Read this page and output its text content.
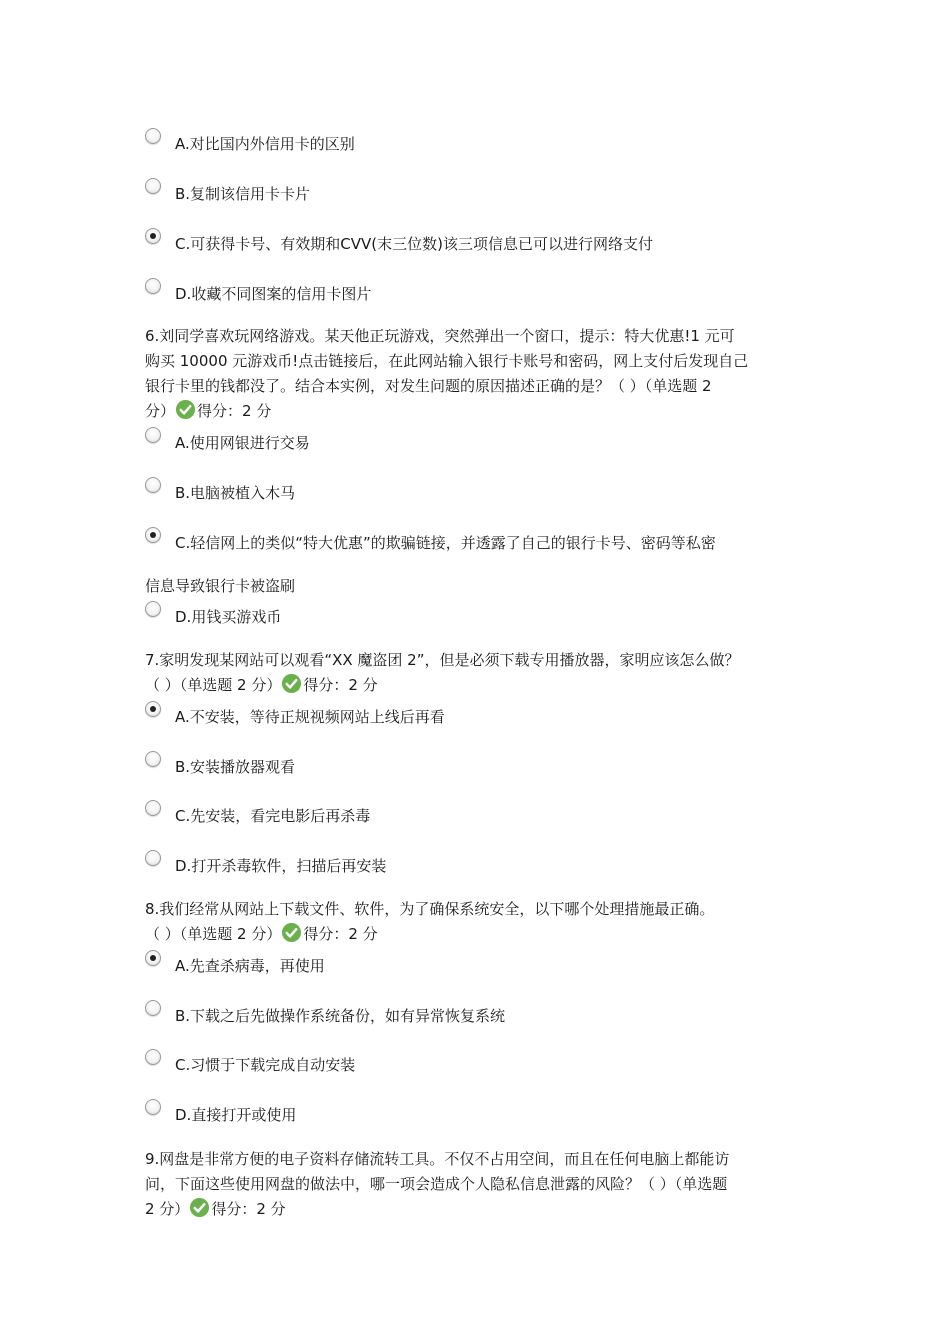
A.对比国内外信用卡的区别
B.复制该信用卡卡片
C.可获得卡号、有效期和CVV(末三位数)该三项信息已可以进行网络支付
D.收藏不同图案的信用卡图片
6.刘同学喜欢玩网络游戏。某天他正玩游戏，突然弹出一个窗口，提示：特大优惠!1 元可
购买 10000 元游戏币!点击链接后，在此网站输入银行卡账号和密码，网上支付后发现自己
银行卡里的钱都没了。结合本实例，对发生问题的原因描述正确的是？（ ）（单选题 2
分） 得分：2 分
A.使用网银进行交易
B.电脑被植入木马
C.轻信网上的类似“特大优惠”的欺骗链接，并透露了自己的银行卡号、密码等私密
信息导致银行卡被盗刷
D.用钱买游戏币
7.家明发现某网站可以观看“XX 魔盗团 2”，但是必须下载专用播放器，家明应该怎么做？
（ ）（单选题 2 分） 得分：2 分
A.不安装，等待正规视频网站上线后再看
B.安装播放器观看
C.先安装，看完电影后再杀毒
D.打开杀毒软件，扫描后再安装
8.我们经常从网站上下载文件、软件，为了确保系统安全，以下哪个处理措施最正确。
（ ）（单选题 2 分） 得分：2 分
A.先查杀病毒，再使用
B.下载之后先做操作系统备份，如有异常恢复系统
C.习惯于下载完成自动安装
D.直接打开或使用
9.网盘是非常方便的电子资料存储流转工具。不仅不占用空间，而且在任何电脑上都能访
问，下面这些使用网盘的做法中，哪一项会造成个人隐私信息泄露的风险？（ ）（单选题
2 分） 得分：2 分
